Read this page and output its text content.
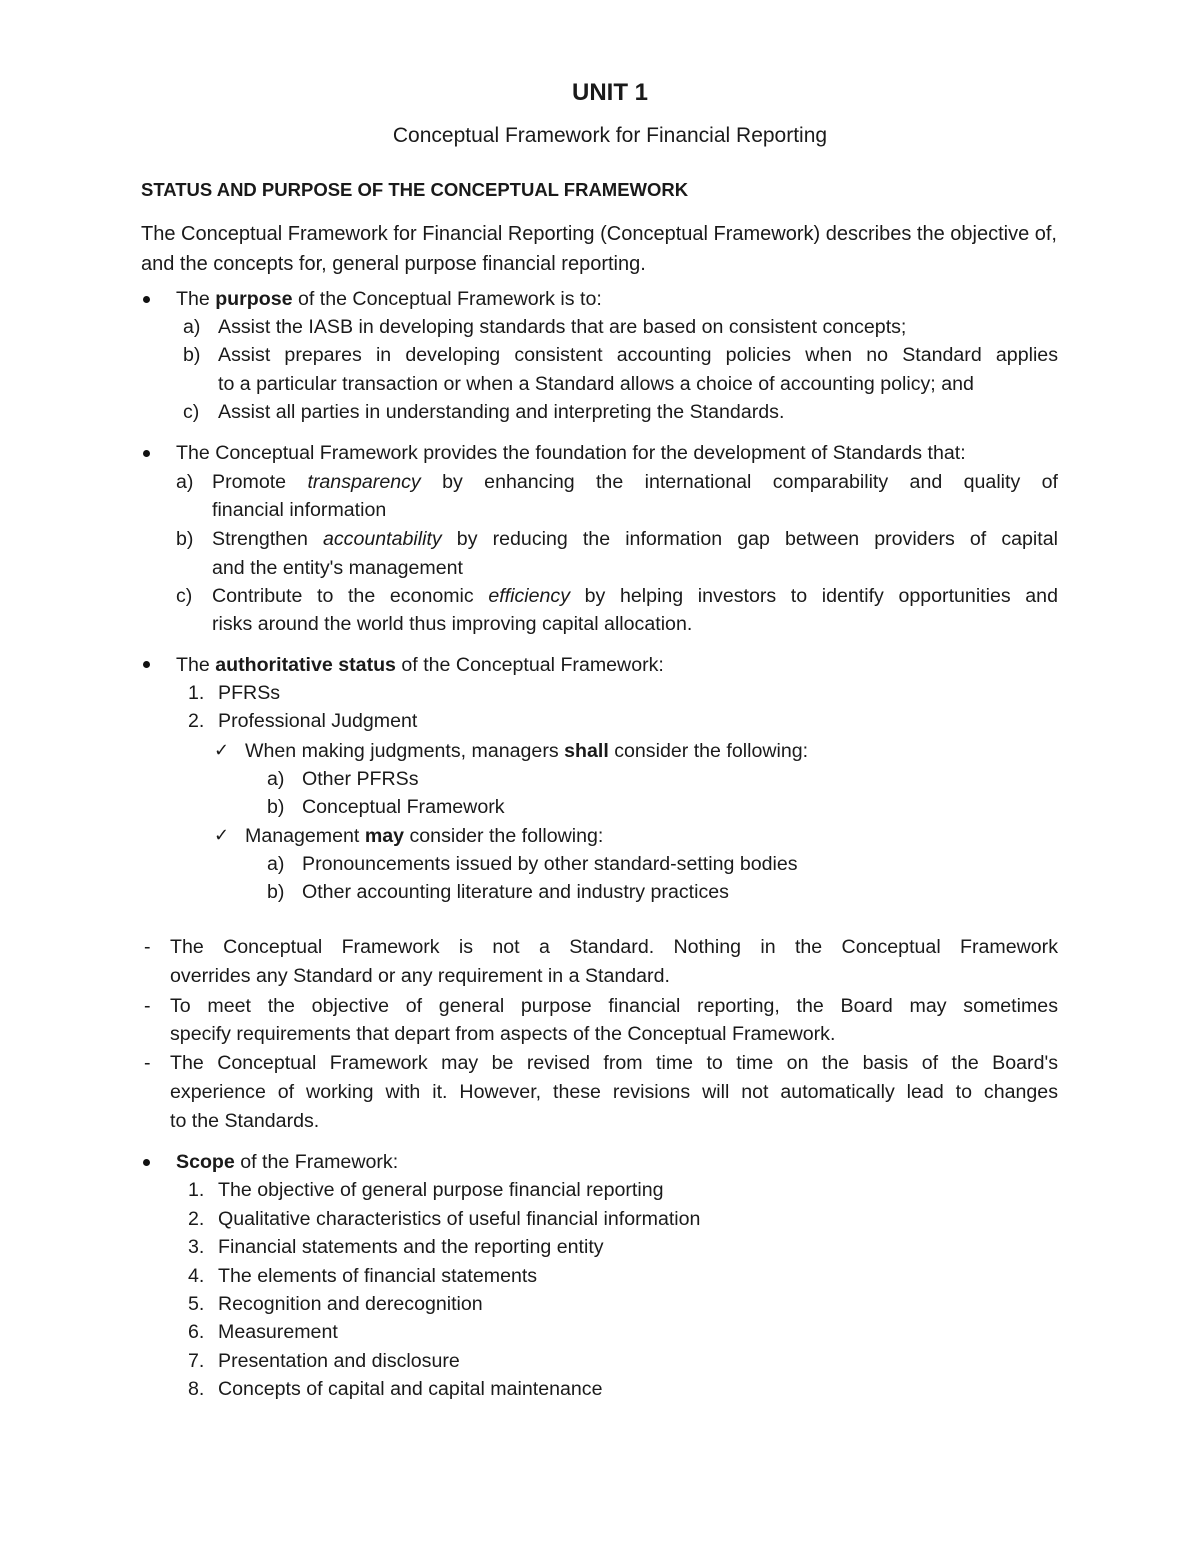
UNIT 1
Conceptual Framework for Financial Reporting
STATUS AND PURPOSE OF THE CONCEPTUAL FRAMEWORK
The Conceptual Framework for Financial Reporting (Conceptual Framework) describes the objective of, and the concepts for, general purpose financial reporting.
The purpose of the Conceptual Framework is to:
a) Assist the IASB in developing standards that are based on consistent concepts;
b) Assist prepares in developing consistent accounting policies when no Standard applies
to a particular transaction or when a Standard allows a choice of accounting policy; and
c) Assist all parties in understanding and interpreting the Standards.
The Conceptual Framework provides the foundation for the development of Standards that:
a) Promote transparency by enhancing the international comparability and quality of
financial information
b) Strengthen accountability by reducing the information gap between providers of capital
and the entity's management
c) Contribute to the economic efficiency by helping investors to identify opportunities and
risks around the world thus improving capital allocation.
The authoritative status of the Conceptual Framework:
1. PFRSs
2. Professional Judgment
✓ When making judgments, managers shall consider the following:
a) Other PFRSs
b) Conceptual Framework
✓ Management may consider the following:
a) Pronouncements issued by other standard-setting bodies
b) Other accounting literature and industry practices
- The Conceptual Framework is not a Standard. Nothing in the Conceptual Framework
overrides any Standard or any requirement in a Standard.
- To meet the objective of general purpose financial reporting, the Board may sometimes
specify requirements that depart from aspects of the Conceptual Framework.
- The Conceptual Framework may be revised from time to time on the basis of the Board's
experience of working with it. However, these revisions will not automatically lead to changes
to the Standards.
Scope of the Framework:
1. The objective of general purpose financial reporting
2. Qualitative characteristics of useful financial information
3. Financial statements and the reporting entity
4. The elements of financial statements
5. Recognition and derecognition
6. Measurement
7. Presentation and disclosure
8. Concepts of capital and capital maintenance
